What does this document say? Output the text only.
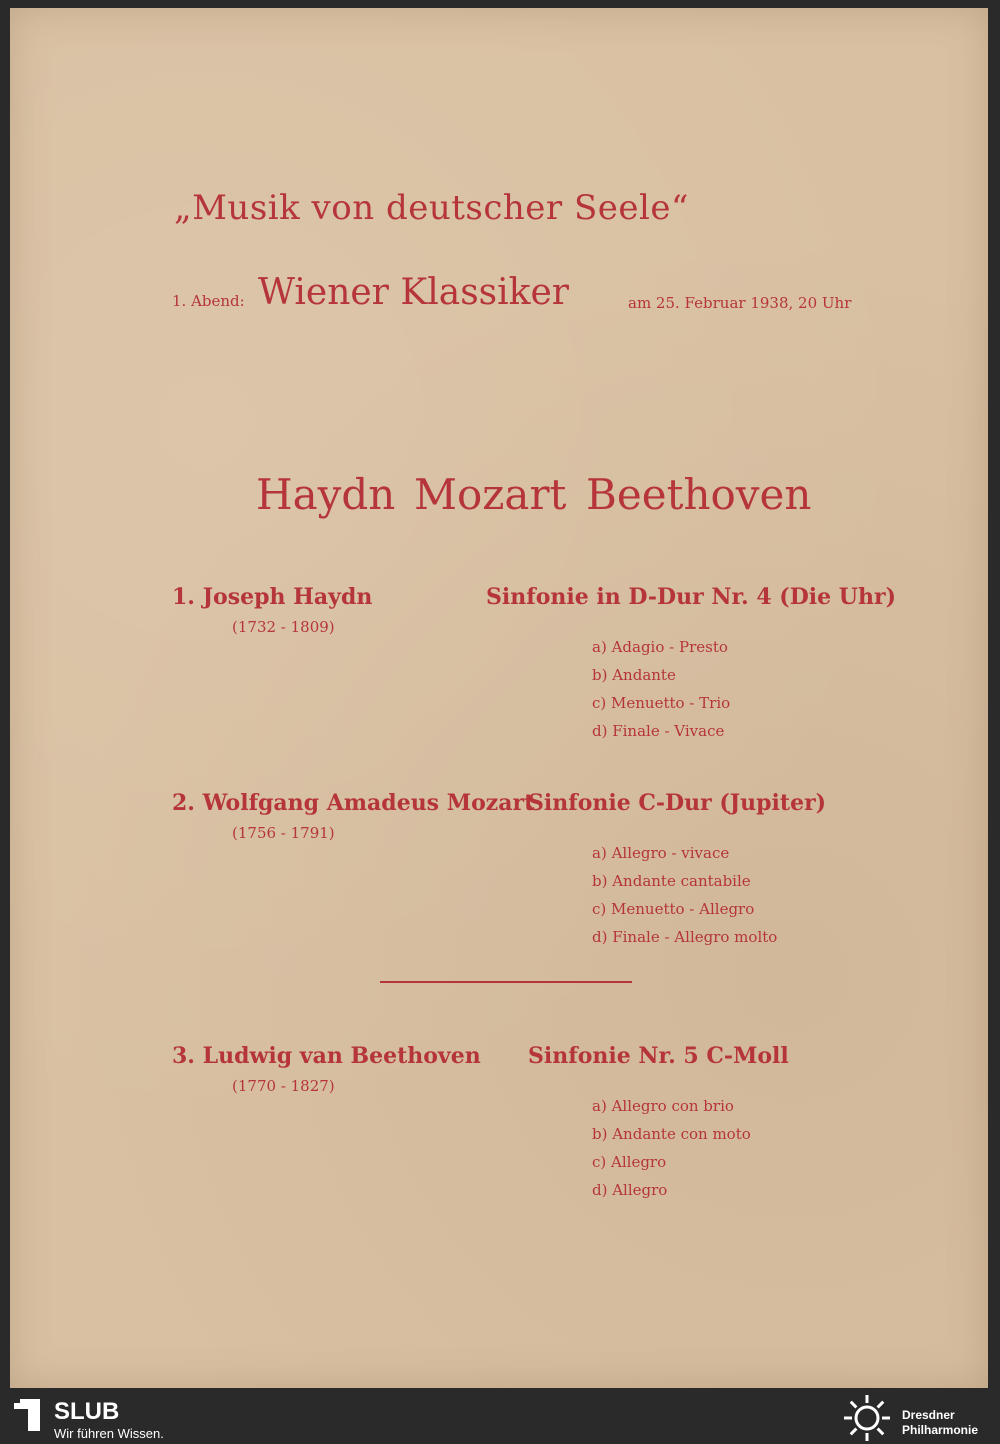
„Musik von deutscher Seele“
1. Abend: Wiener Klassiker	am 25. Februar 1938, 20 Uhr
Haydn Mozart Beethoven
1. Joseph Haydn
(1732 - 1809)
Sinfonie in D-Dur Nr. 4 (Die Uhr)
a) Adagio - Presto
b) Andante
c) Menuetto - Trio
d) Finale - Vivace
2. Wolfgang Amadeus Mozart
(1756 - 1791)
Sinfonie C-Dur (Jupiter)
a) Allegro - vivace
b) Andante cantabile
c) Menuetto - Allegro
d) Finale - Allegro molto
3. Ludwig van Beethoven
(1770 - 1827)
Sinfonie Nr. 5 C-Moll
a) Allegro con brio
b) Andante con moto
c) Allegro
d) Allegro
SLUB
Wir führen Wissen.
Dresdner
Philharmonie
